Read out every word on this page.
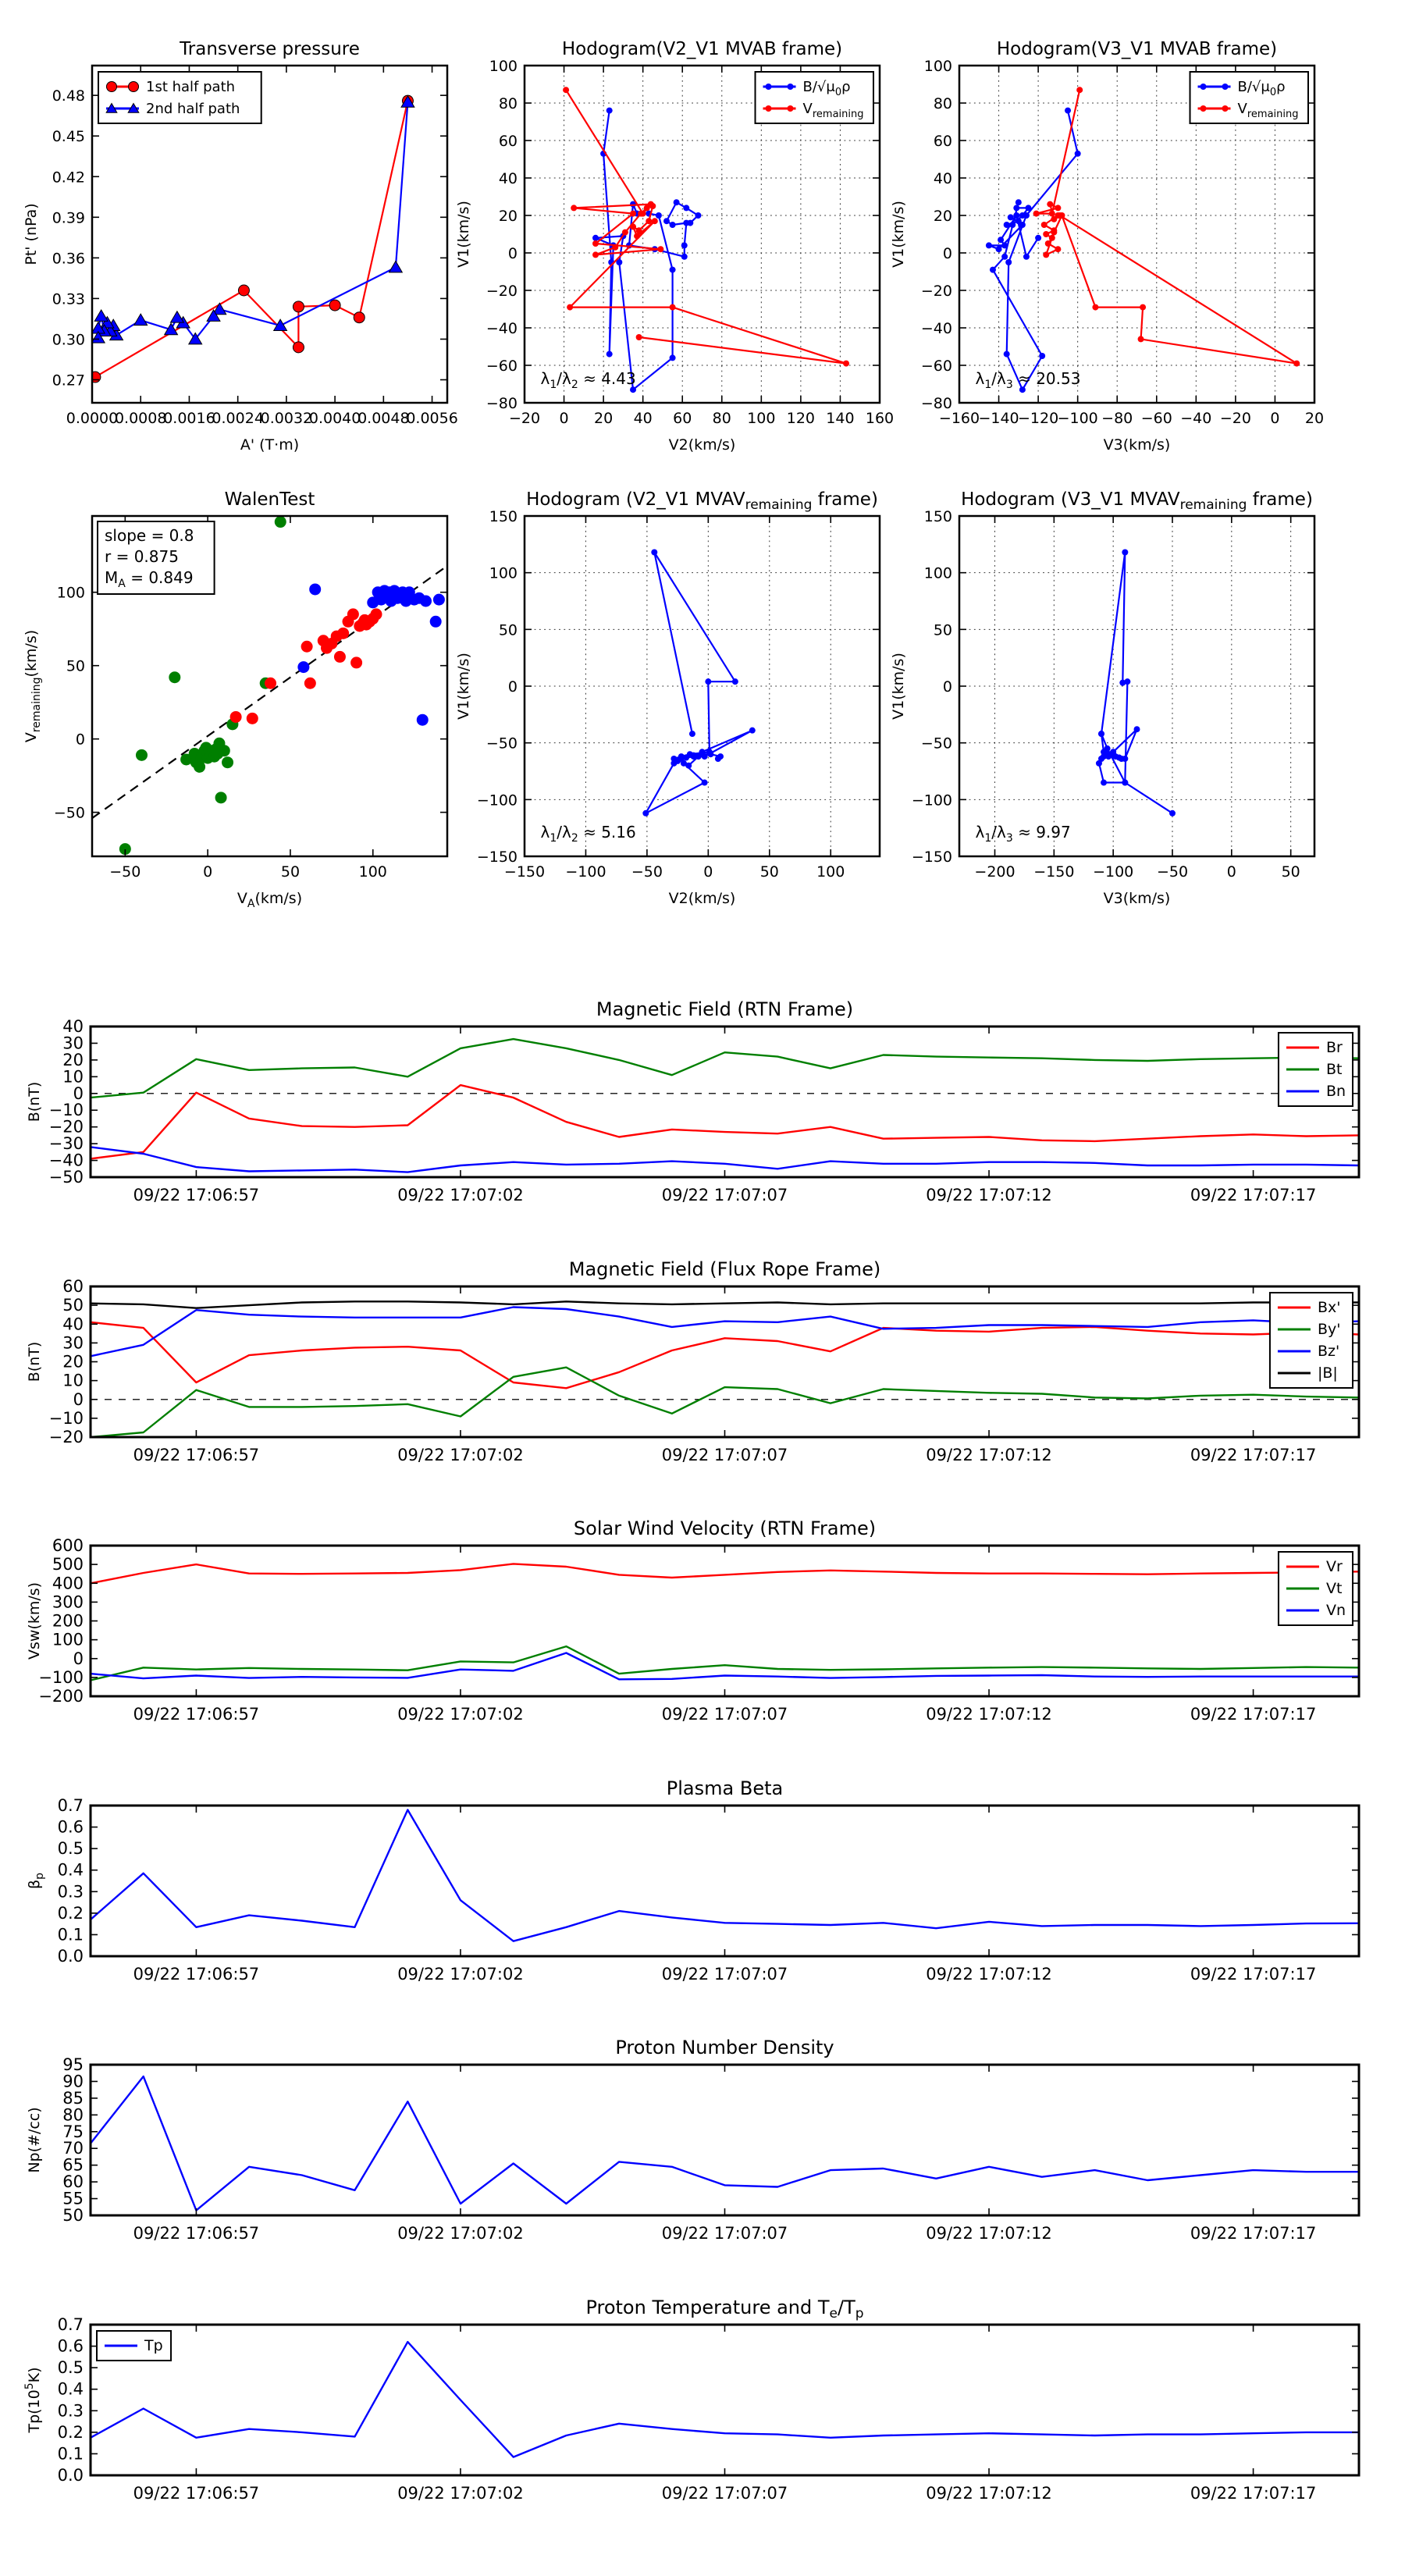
0.0000
0.0008
0.0016
0.0024
0.0032
0.0040
0.0048
0.0056
0.27
0.30
0.33
0.36
0.39
0.42
0.45
0.48
Transverse pressure
A' (T·m)
Pt' (nPa)
1st half path
2nd half path
−20 0 20 40 60 80 100 120 140 160
−80
−60
−40
−20
0
20
40
60
80
100
Hodogram(V2_V1 MVAB frame)
V2(km/s)
V1(km/s)
$\lambda_1/\lambda_2 \approx 4.43$
$B/√\mu_0\rho$
$V_{remaining}$
−160
−140
−120
−100 −80 −60 −40 −20 0 20
−80
−60
−40
−20
0
20
40
60
80
100
Hodogram(V3_V1 MVAB frame)
V3(km/s)
V1(km/s)
$\lambda_1/\lambda_3 \approx 20.53$
$B/√\mu_0\rho$
$V_{remaining}$
−50	0	50	100
−50
0
50
100
WalenTest
$V_A(km/s)$
$V_{remaining}(km/s)$
slope = 0.8
r = 0.875
$M_A = 0.849$
−150 −100 −50	0	50	100
−150
−100
−50
0
50
100
150
Hodogram (V2_V1 $MVAV_{remaining}$ frame)
V2(km/s)
V1(km/s)
$\lambda_1/\lambda_2 \approx 5.16$
−200 −150 −100 −50	0	50
−150
−100
−50
0
50
100
150
Hodogram (V3_V1 $MVAV_{remaining}$ frame)
V3(km/s)
V1(km/s)
$\lambda_1/\lambda_3 \approx 9.97$
09/22 17:06:57	09/22 17:07:02	09/22 17:07:07	09/22 17:07:12	09/22 17:07:17
−50
−40
−30
−20
−10
0
10
20
30
40
Magnetic Field (RTN Frame)
B(nT)
Br
Bt
Bn
09/22 17:06:57	09/22 17:07:02	09/22 17:07:07	09/22 17:07:12	09/22 17:07:17
−20
−10
0
10
20
30
40
50
60
Magnetic Field (Flux Rope Frame)
B(nT)
Bx'
By'
Bz'
|B|
09/22 17:06:57	09/22 17:07:02	09/22 17:07:07	09/22 17:07:12	09/22 17:07:17
−200
−100
0
100
200
300
400
500
600
Solar Wind Velocity (RTN Frame)
Vsw(km/s)
Vr
Vt
Vn
09/22 17:06:57	09/22 17:07:02	09/22 17:07:07	09/22 17:07:12	09/22 17:07:17
0.0
0.1
0.2
0.3
0.4
0.5
0.6
0.7
Plasma Beta
$\beta_p$
09/22 17:06:57	09/22 17:07:02	09/22 17:07:07	09/22 17:07:12	09/22 17:07:17
50
55
60
65
70
75
80
85
90
95
Proton Number Density
Np(#/cc)
09/22 17:06:57	09/22 17:07:02	09/22 17:07:07	09/22 17:07:12	09/22 17:07:17
0.0
0.1
0.2
0.3
0.4
0.5
0.6
0.7
Proton Temperature and $T_e/T_p$
$Tp(10^5K)$
Tp
